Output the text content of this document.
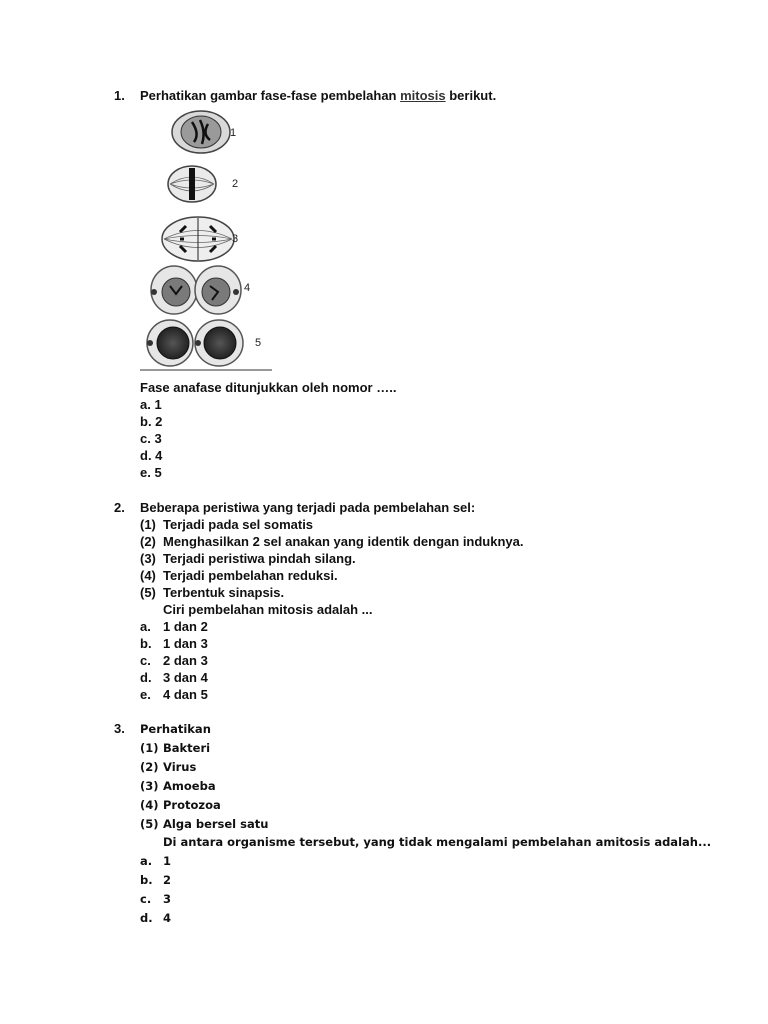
1. Perhatikan gambar fase-fase pembelahan mitosis berikut.
1
2
3
4
5
Fase anafase ditunjukkan oleh nomor …..
a. 1
b. 2
c. 3
d. 4
e. 5
2. Beberapa peristiwa yang terjadi pada pembelahan sel:
(1) Terjadi pada sel somatis
(2) Menghasilkan 2 sel anakan yang identik dengan induknya.
(3) Terjadi peristiwa pindah silang.
(4) Terjadi pembelahan reduksi.
(5) Terbentuk sinapsis.
Ciri pembelahan mitosis adalah ...
a. 1 dan 2
b. 1 dan 3
c. 2 dan 3
d. 3 dan 4
e. 4 dan 5
3. Perhatikan
(1) Bakteri
(2) Virus
(3) Amoeba
(4) Protozoa
(5) Alga bersel satu
Di antara organisme tersebut, yang tidak mengalami pembelahan amitosis adalah...
a. 1
b. 2
c. 3
d. 4
